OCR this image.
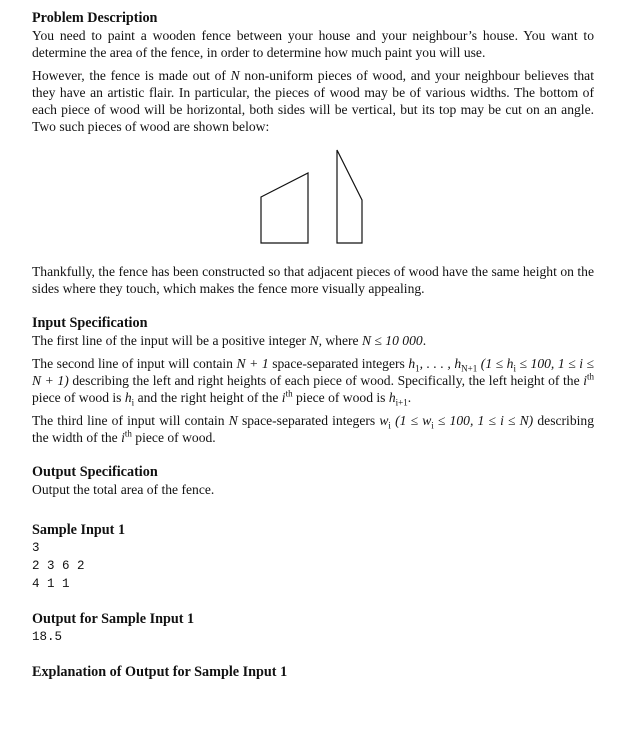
Problem Description

You need to paint a wooden fence between your house and your neighbour’s house. You want to determine the area of the fence, in order to determine how much paint you will use.

However, the fence is made out of N non-uniform pieces of wood, and your neighbour believes that they have an artistic flair. In particular, the pieces of wood may be of various widths. The bottom of each piece of wood will be horizontal, both sides will be vertical, but its top may be cut on an angle. Two such pieces of wood are shown below:

Thankfully, the fence has been constructed so that adjacent pieces of wood have the same height on the sides where they touch, which makes the fence more visually appealing.

Input Specification

The first line of the input will be a positive integer N, where N ≤ 10 000.

The second line of input will contain N + 1 space-separated integers $h_1$, . . . , $h_{N+1}$ ($1 \le h_i \le 100$, 1 ≤ i ≤ N + 1) describing the left and right heights of each piece of wood. Specifically, the left height of the $i^{th}$ piece of wood is $h_i$ and the right height of the $i^{th}$ piece of wood is $h_{i+1}$.

The third line of input will contain N space-separated integers $w_i$ ($1 \le w_i \le 100$, 1 ≤ i ≤ N) describing the width of the $i^{th}$ piece of wood.

Output Specification

Output the total area of the fence.

Sample Input 1
3
2 3 6 2
4 1 1
Output for Sample Input 1
18.5
Explanation of Output for Sample Input 1
